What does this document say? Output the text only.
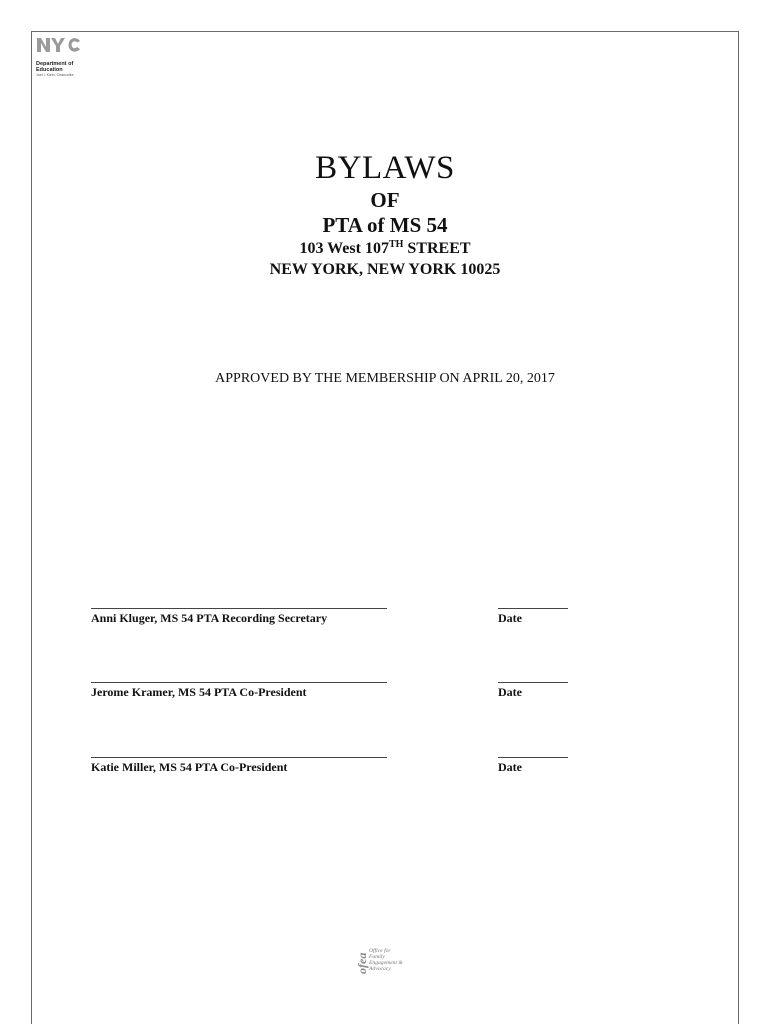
Department of Education
Joel I. Klein, Chancellor
BYLAWS
OF
PTA of MS 54
103 West 107TH STREET
NEW YORK, NEW YORK 10025
APPROVED BY THE MEMBERSHIP ON APRIL 20, 2017
Anni Kluger, MS 54 PTA Recording Secretary	Date
Jerome Kramer, MS 54 PTA Co-President	Date
Katie Miller, MS 54 PTA Co-President	Date
ofea
Office for
Family
Engagement &
Advocacy
